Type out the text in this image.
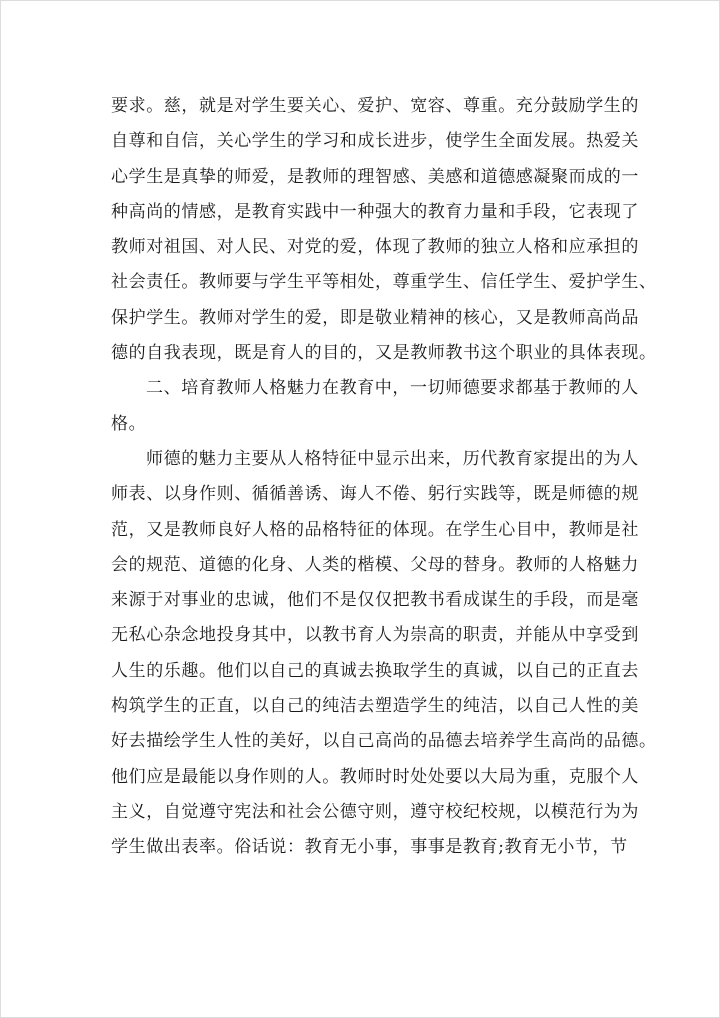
要求。慈，就是对学生要关心、爱护、宽容、尊重。充分鼓励学生的
自尊和自信，关心学生的学习和成长进步，使学生全面发展。热爱关
心学生是真挚的师爱，是教师的理智感、美感和道德感凝聚而成的一
种高尚的情感，是教育实践中一种强大的教育力量和手段，它表现了
教师对祖国、对人民、对党的爱，体现了教师的独立人格和应承担的
社会责任。教师要与学生平等相处，尊重学生、信任学生、爱护学生、
保护学生。教师对学生的爱，即是敬业精神的核心，又是教师高尚品
德的自我表现，既是育人的目的，又是教师教书这个职业的具体表现。
二、培育教师人格魅力在教育中，一切师德要求都基于教师的人
格。
师德的魅力主要从人格特征中显示出来，历代教育家提出的为人
师表、以身作则、循循善诱、诲人不倦、躬行实践等，既是师德的规
范，又是教师良好人格的品格特征的体现。在学生心目中，教师是社
会的规范、道德的化身、人类的楷模、父母的替身。教师的人格魅力
来源于对事业的忠诚，他们不是仅仅把教书看成谋生的手段，而是毫
无私心杂念地投身其中，以教书育人为崇高的职责，并能从中享受到
人生的乐趣。他们以自己的真诚去换取学生的真诚，以自己的正直去
构筑学生的正直，以自己的纯洁去塑造学生的纯洁，以自己人性的美
好去描绘学生人性的美好，以自己高尚的品德去培养学生高尚的品德。
他们应是最能以身作则的人。教师时时处处要以大局为重，克服个人
主义，自觉遵守宪法和社会公德守则，遵守校纪校规，以模范行为为
学生做出表率。俗话说：教育无小事，事事是教育;教育无小节，节
